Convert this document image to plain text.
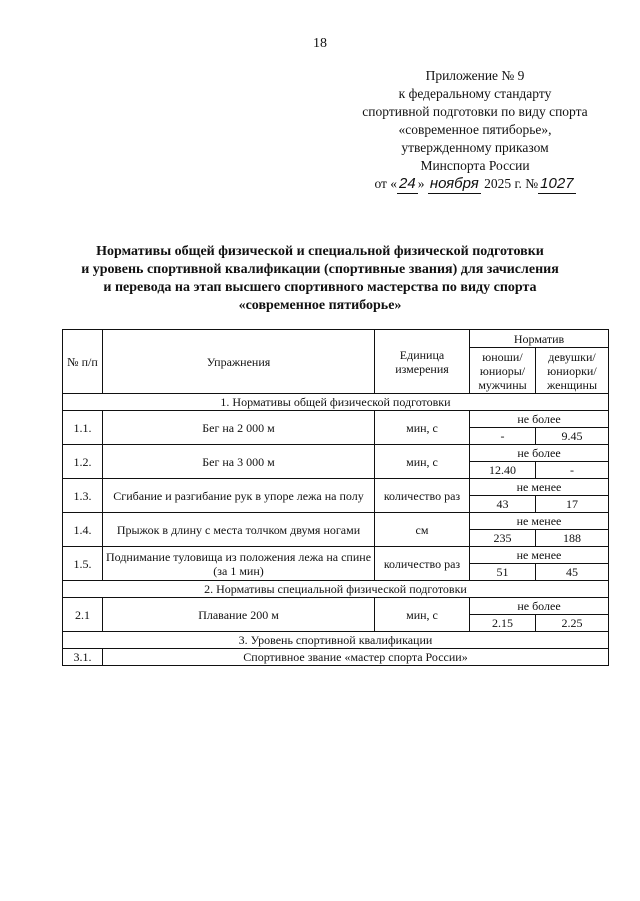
18
Приложение № 9
к федеральному стандарту
спортивной подготовки по виду спорта
«современное пятиборье»,
утвержденному приказом
Минспорта России
от « 24 » ноября 2025 г. № 1027
Нормативы общей физической и специальной физической подготовки
и уровень спортивной квалификации (спортивные звания) для зачисления
и перевода на этап высшего спортивного мастерства по виду спорта
«современное пятиборье»
№ п/п	Упражнения	Единица измерения	Норматив	
			юноши/ юниоры/ мужчины	девушки/ юниорки/ женщины
1. Нормативы общей физической подготовки				
1.1.	Бег на 2 000 м	мин, с	не более	
			-	9.45
1.2.	Бег на 3 000 м	мин, с	не более	
			12.40	-
1.3.	Сгибание и разгибание рук в упоре лежа на полу	количество раз	не менее	
			43	17
1.4.	Прыжок в длину с места толчком двумя ногами	см	не менее	
			235	188
1.5.	Поднимание туловища из положения лежа на спине (за 1 мин)	количество раз	не менее	
			51	45
2. Нормативы специальной физической подготовки				
2.1	Плавание 200 м	мин, с	не более	
			2.15	2.25
3. Уровень спортивной квалификации				
3.1.	Спортивное звание «мастер спорта России»			
